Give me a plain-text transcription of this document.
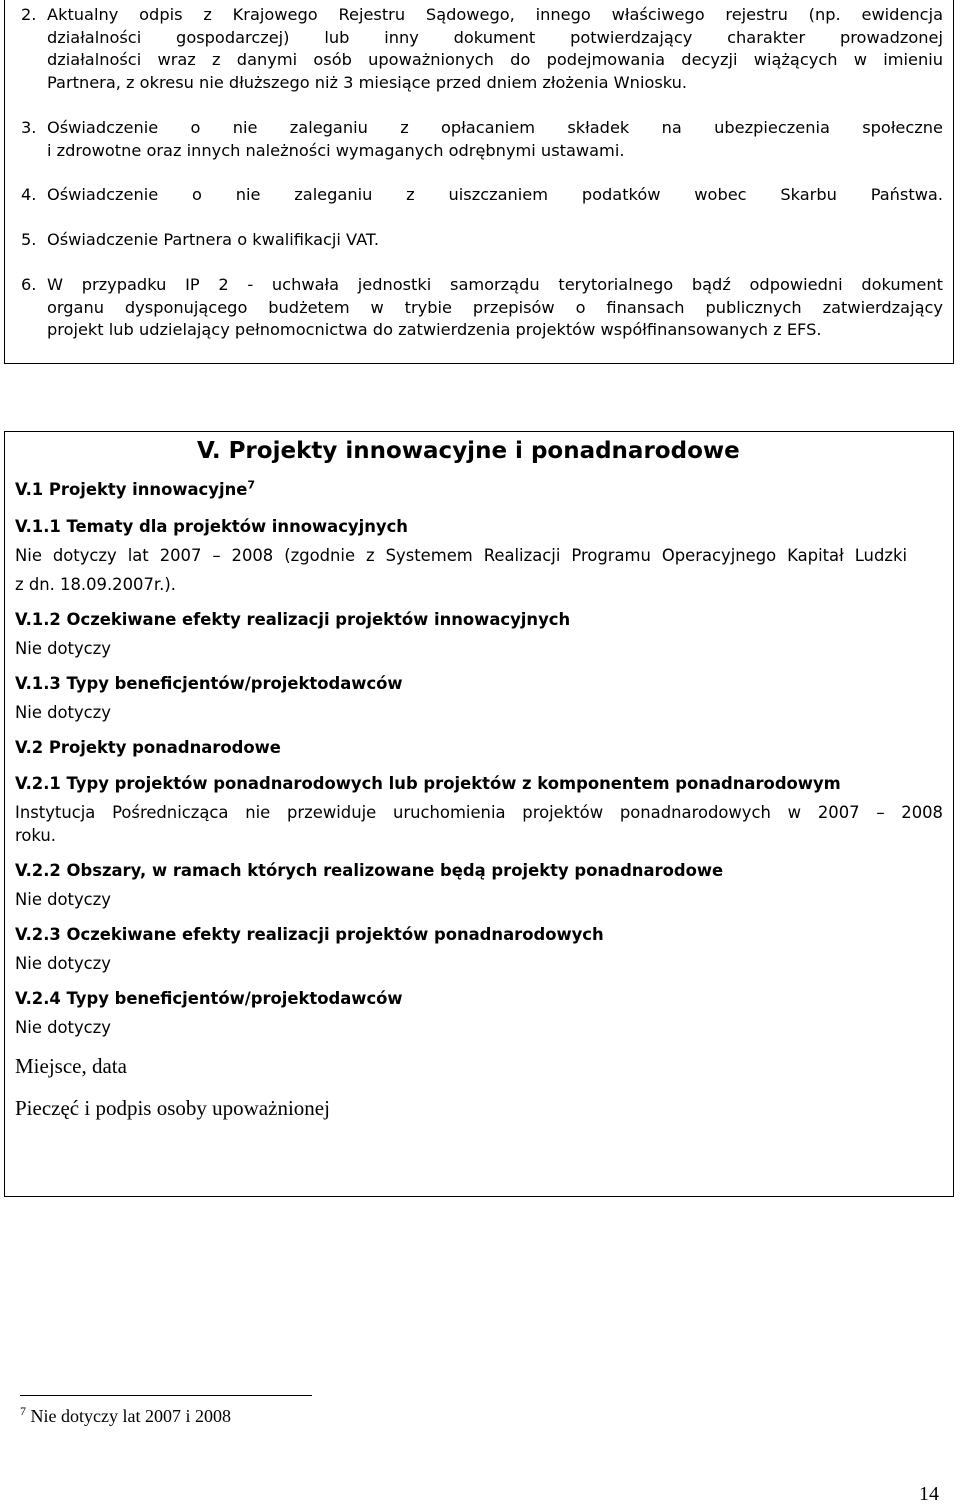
2. Aktualny odpis z Krajowego Rejestru Sądowego, innego właściwego rejestru (np. ewidencja
działalności gospodarczej) lub inny dokument potwierdzający charakter prowadzonej
działalności wraz z danymi osób upoważnionych do podejmowania decyzji wiążących w imieniu
Partnera, z okresu nie dłuższego niż 3 miesiące przed dniem złożenia Wniosku.
3. Oświadczenie o nie zaleganiu z opłacaniem składek na ubezpieczenia społeczne
i zdrowotne oraz innych należności wymaganych odrębnymi ustawami.
4. Oświadczenie o nie zaleganiu z uiszczaniem podatków wobec Skarbu Państwa.
5. Oświadczenie Partnera o kwalifikacji VAT.
6. W przypadku IP 2 - uchwała jednostki samorządu terytorialnego bądź odpowiedni dokument
organu dysponującego budżetem w trybie przepisów o finansach publicznych zatwierdzający
projekt lub udzielający pełnomocnictwa do zatwierdzenia projektów współfinansowanych z EFS.
V. Projekty innowacyjne i ponadnarodowe
V.1 Projekty innowacyjne$^7$
V.1.1 Tematy dla projektów innowacyjnych
Nie dotyczy lat 2007 – 2008 (zgodnie z Systemem Realizacji Programu Operacyjnego Kapitał Ludzki
z dn. 18.09.2007r.).
V.1.2 Oczekiwane efekty realizacji projektów innowacyjnych
Nie dotyczy
V.1.3 Typy beneficjentów/projektodawców
Nie dotyczy
V.2 Projekty ponadnarodowe
V.2.1 Typy projektów ponadnarodowych lub projektów z komponentem ponadnarodowym
Instytucja Pośrednicząca nie przewiduje uruchomienia projektów ponadnarodowych w 2007 – 2008
roku.
V.2.2 Obszary, w ramach których realizowane będą projekty ponadnarodowe
Nie dotyczy
V.2.3 Oczekiwane efekty realizacji projektów ponadnarodowych
Nie dotyczy
V.2.4 Typy beneficjentów/projektodawców
Nie dotyczy
Miejsce, data
Pieczęć i podpis osoby upoważnionej
$^7$ Nie dotyczy lat 2007 i 2008
14
